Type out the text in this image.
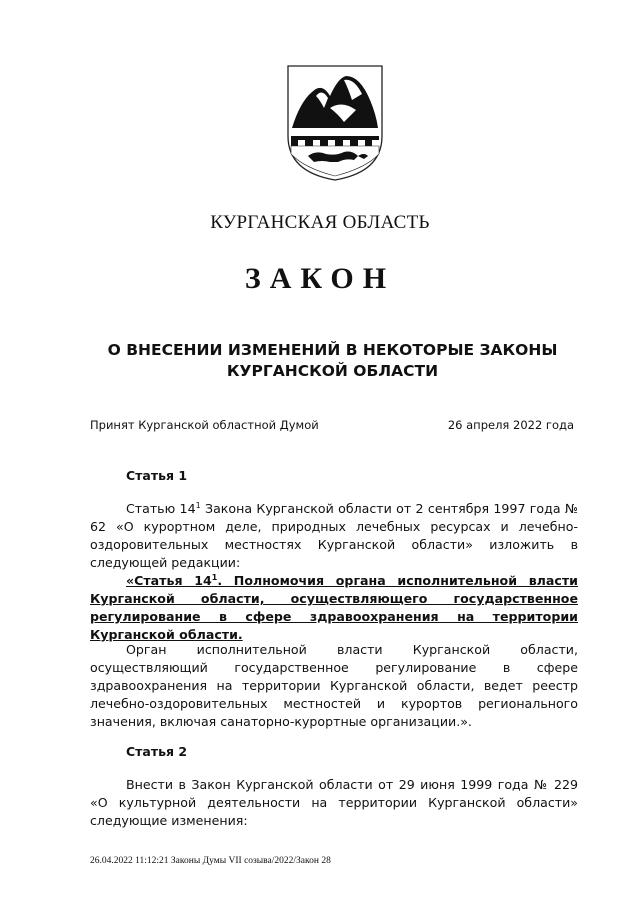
КУРГАНСКАЯ ОБЛАСТЬ
ЗАКОН
О ВНЕСЕНИИ ИЗМЕНЕНИЙ В НЕКОТОРЫЕ ЗАКОНЫ КУРГАНСКОЙ ОБЛАСТИ
Принят Курганской областной Думой	26 апреля 2022 года
Статья 1
Статью $14^1$ Закона Курганской области от 2 сентября 1997 года № 62 «О курортном деле, природных лечебных ресурсах и лечебно-оздоровительных местностях Курганской области» изложить в следующей редакции:
«Статья $14^1$. Полномочия органа исполнительной власти Курганской области, осуществляющего государственное регулирование в сфере здравоохранения на территории Курганской области.
Орган исполнительной власти Курганской области, осуществляющий государственное регулирование в сфере здравоохранения на территории Курганской области, ведет реестр лечебно-оздоровительных местностей и курортов регионального значения, включая санаторно-курортные организации.».
Статья 2
Внести в Закон Курганской области от 29 июня 1999 года № 229 «О культурной деятельности на территории Курганской области» следующие изменения:
26.04.2022 11:12:21 Законы Думы VII созыва/2022/Закон 28
